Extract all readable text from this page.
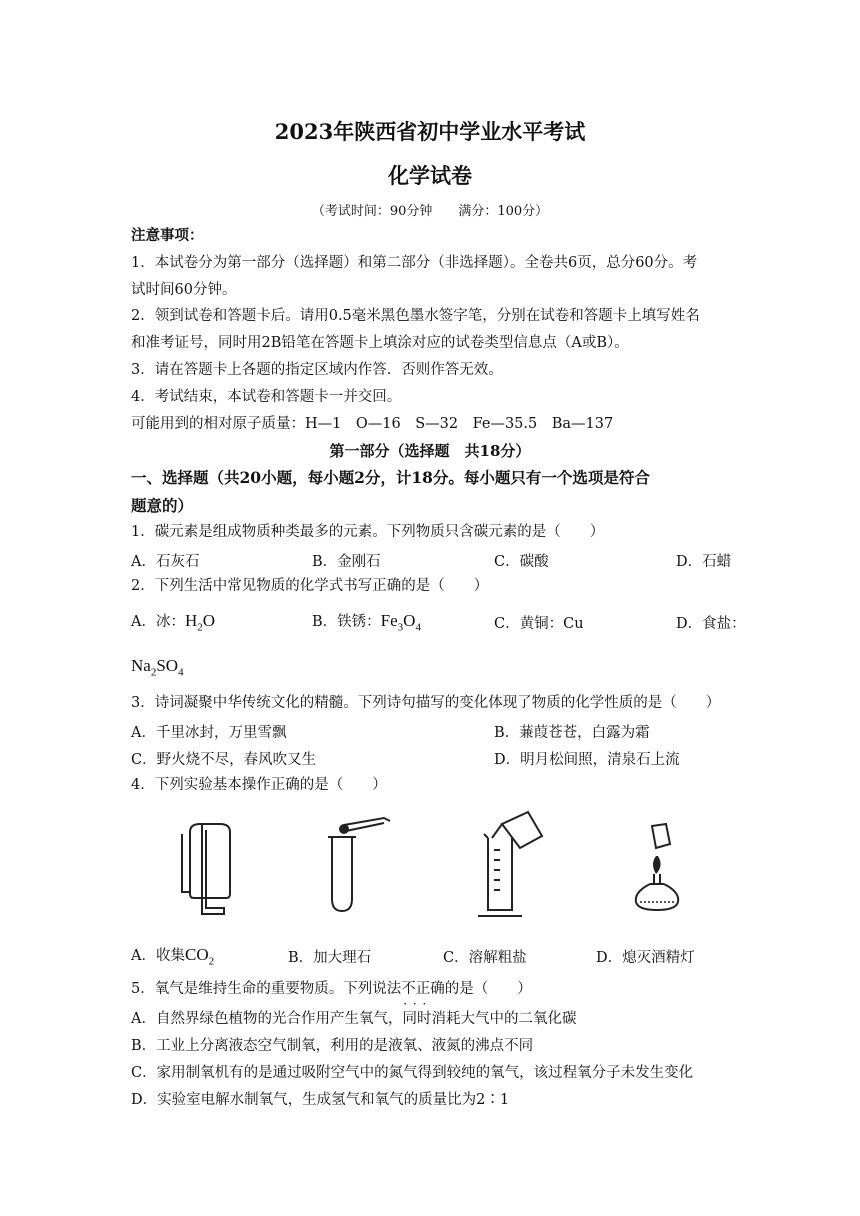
2023年陕西省初中学业水平考试
化学试卷
（考试时间：90分钟　　满分：100分）
注意事项：
1．本试卷分为第一部分（选择题）和第二部分（非选择题）。全卷共6页，总分60分。考
试时间60分钟。
2．领到试卷和答题卡后。请用0.5毫米黑色墨水签字笔，分别在试卷和答题卡上填写姓名
和准考证号，同时用2B铅笔在答题卡上填涂对应的试卷类型信息点（A或B）。
3．请在答题卡上各题的指定区域内作答．否则作答无效。
4．考试结束，本试卷和答题卡一并交回。
可能用到的相对原子质量：H—1　O—16　S—32　Fe—35.5　Ba—137
第一部分（选择题　共18分）
一、选择题（共20小题，每小题2分，计18分。每小题只有一个选项是符合
题意的）
1．碳元素是组成物质种类最多的元素。下列物质只含碳元素的是（　　）
A．石灰石	B．金刚石	C．碳酸	D．石蜡
2．下列生活中常见物质的化学式书写正确的是（　　）
A．冰：$H_2O$	B．铁锈：$Fe_3O_4$	C．黄铜：Cu	D．食盐：
$Na_2SO_4$
3．诗词凝聚中华传统文化的精髓。下列诗句描写的变化体现了物质的化学性质的是（　　）
A．千里冰封，万里雪飘	B．蒹葭苍苍，白露为霜
C．野火烧不尽，春风吹又生	D．明月松间照，清泉石上流
4．下列实验基本操作正确的是（　　）
A．收集$CO_2$	B．加大理石	C．溶解粗盐	D．熄灭酒精灯
5．氧气是维持生命的重要物质。下列说法不正确 · · ·的是（　　）
A．自然界绿色植物的光合作用产生氧气，同时消耗大气中的二氧化碳
B．工业上分离液态空气制氧，利用的是液氧、液氮的沸点不同
C．家用制氧机有的是通过吸附空气中的氮气得到较纯的氧气，该过程氧分子未发生变化
D．实验室电解水制氧气，生成氢气和氧气的质量比为2∶1
